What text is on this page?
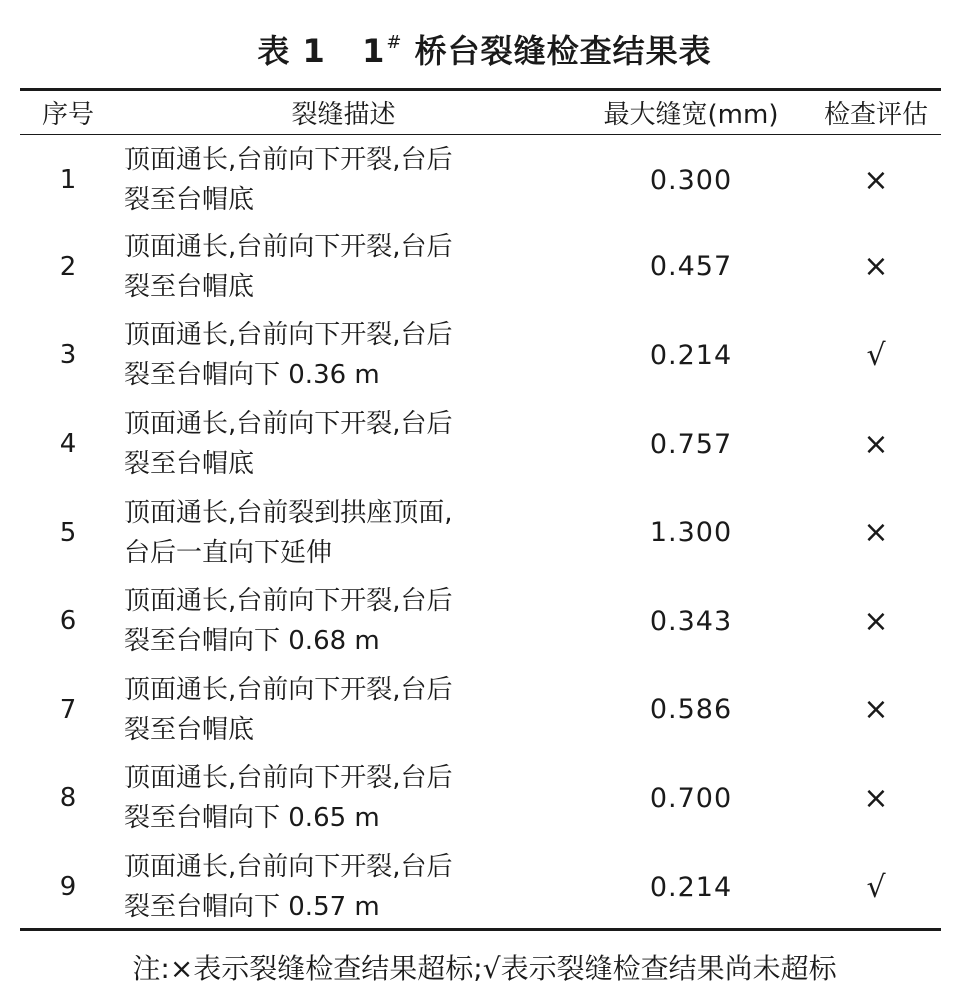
表 1 1# 桥台裂缝检查结果表
序号	裂缝描述	最大缝宽(mm)	检查评估
1	顶面通长,台前向下开裂,台后
裂至台帽底	0.300	×
2	顶面通长,台前向下开裂,台后
裂至台帽底	0.457	×
3	顶面通长,台前向下开裂,台后
裂至台帽向下 0.36 m	0.214	√
4	顶面通长,台前向下开裂,台后
裂至台帽底	0.757	×
5	顶面通长,台前裂到拱座顶面,
台后一直向下延伸	1.300	×
6	顶面通长,台前向下开裂,台后
裂至台帽向下 0.68 m	0.343	×
7	顶面通长,台前向下开裂,台后
裂至台帽底	0.586	×
8	顶面通长,台前向下开裂,台后
裂至台帽向下 0.65 m	0.700	×
9	顶面通长,台前向下开裂,台后
裂至台帽向下 0.57 m	0.214	√
注:×表示裂缝检查结果超标;√表示裂缝检查结果尚未超标
